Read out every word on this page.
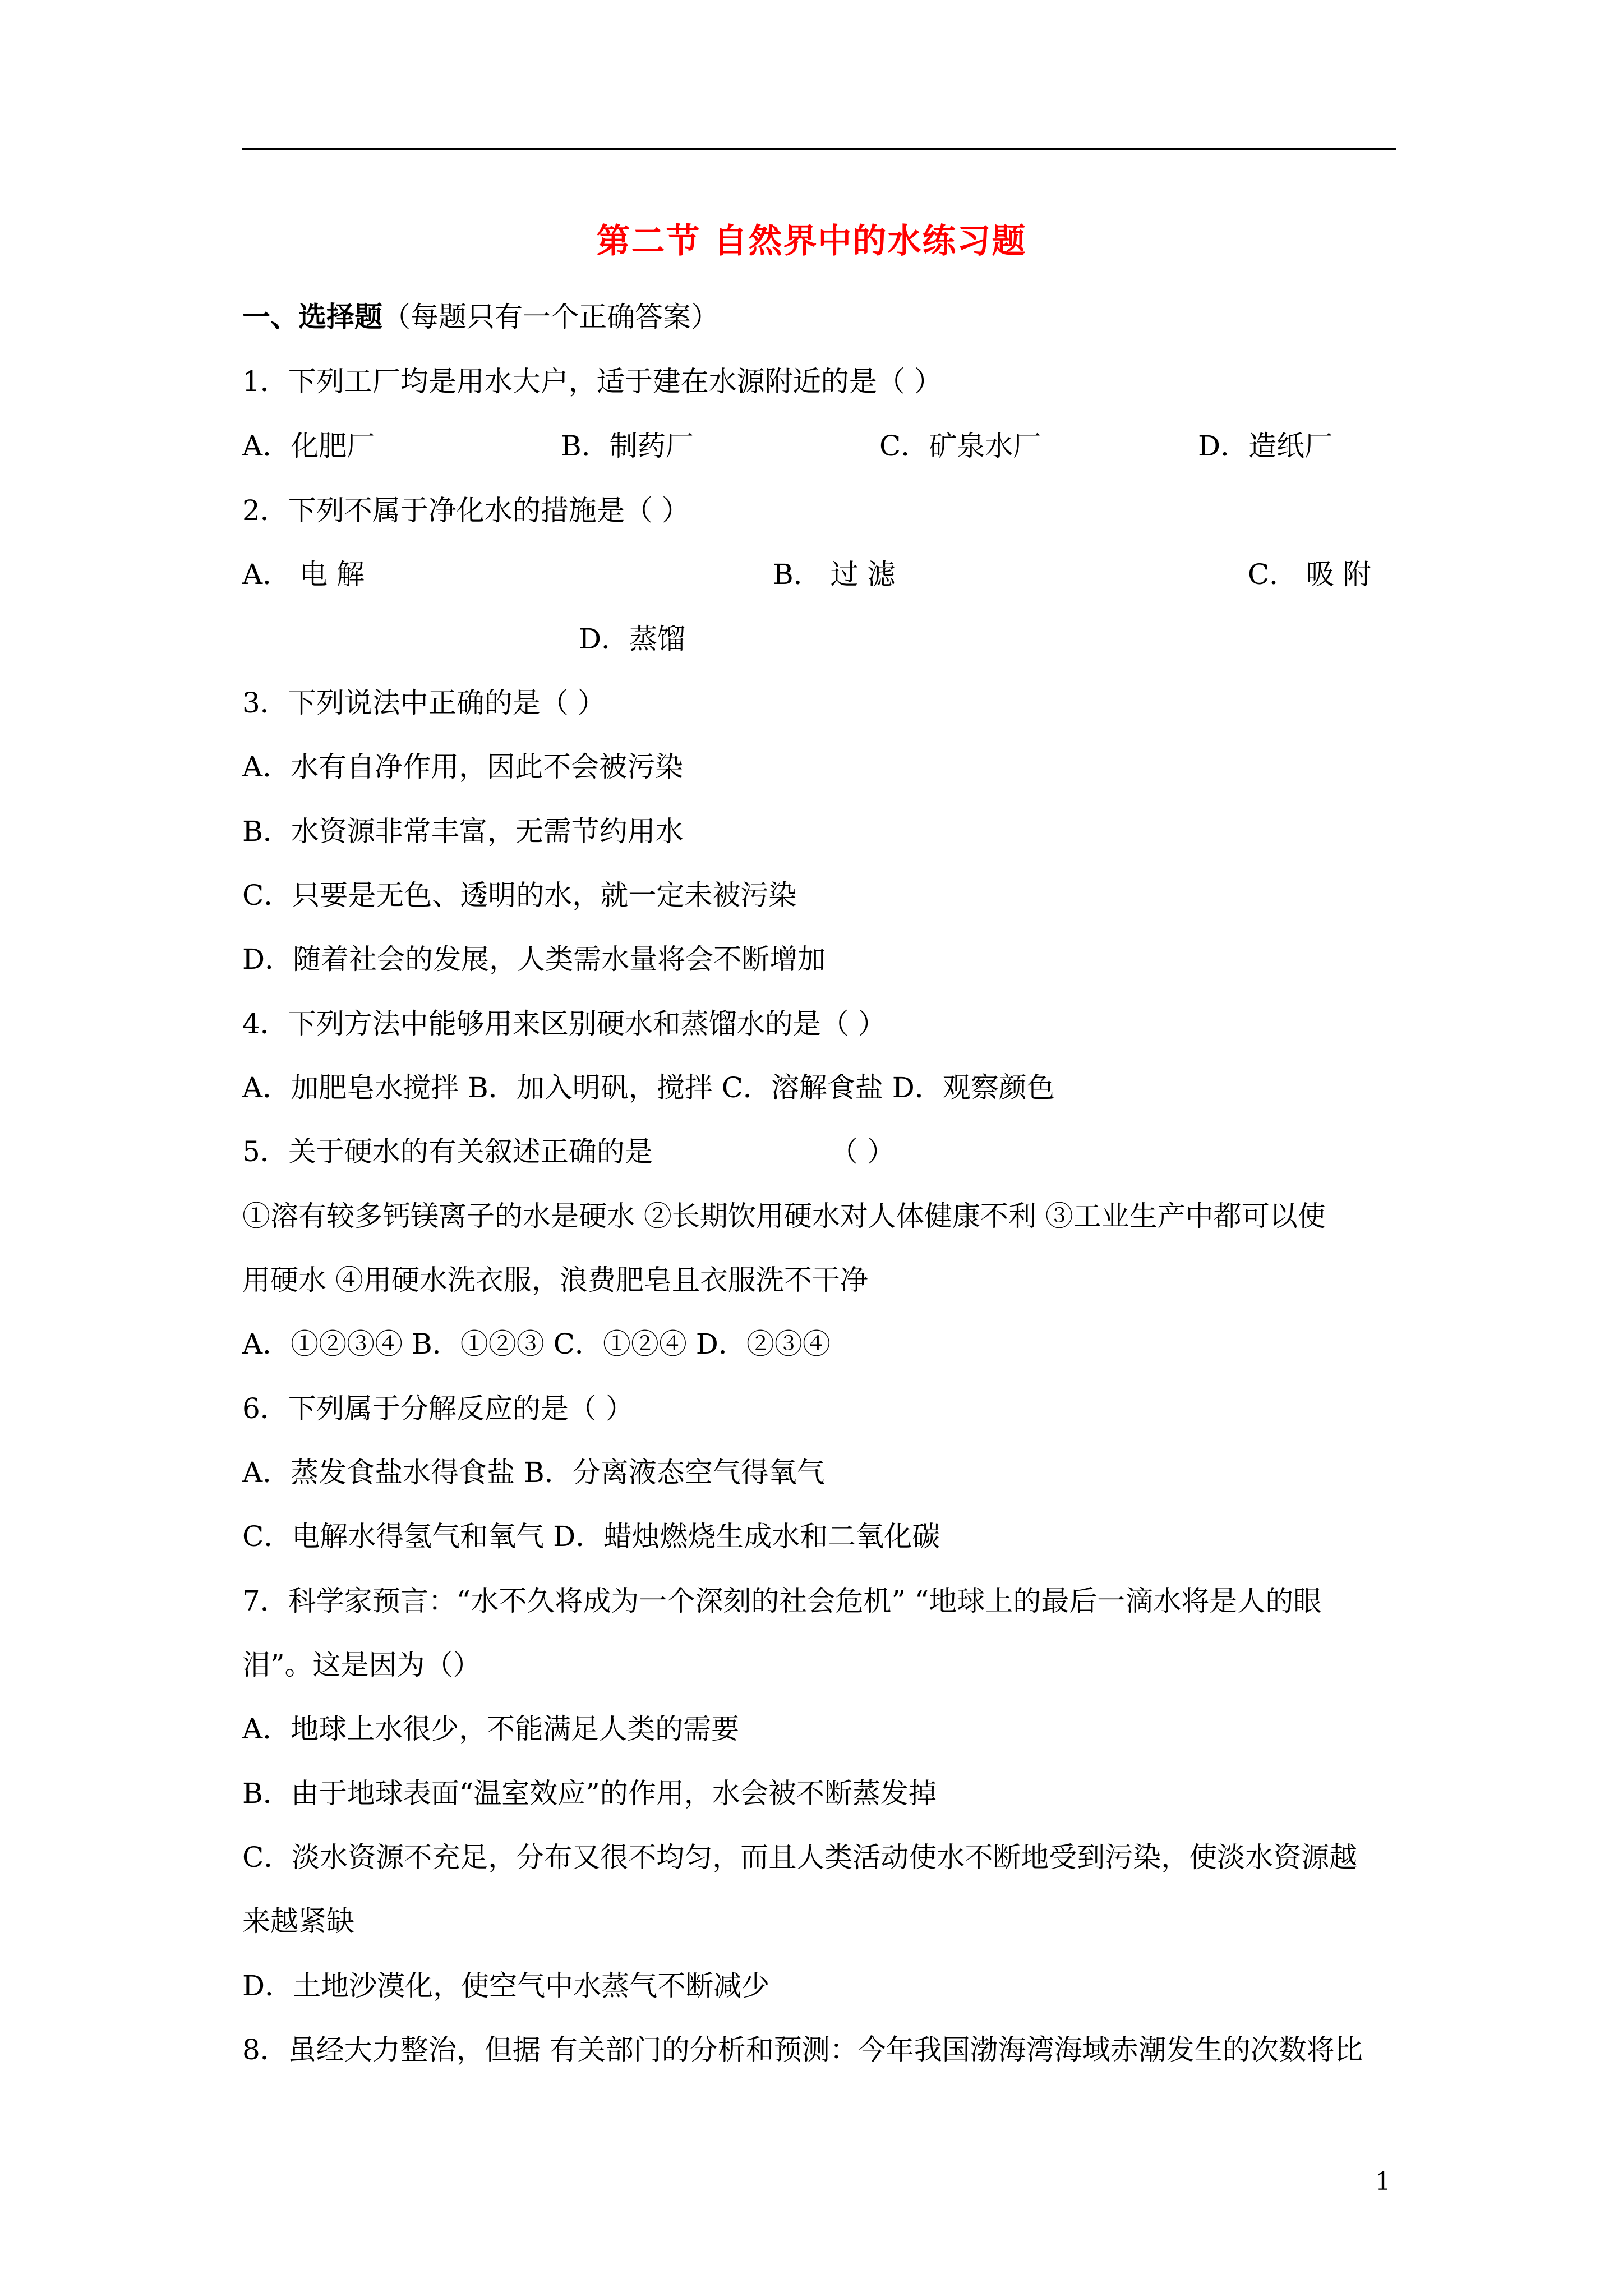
第二节 自然界中的水练习题
一、选择题（每题只有一个正确答案）
1．下列工厂均是用水大户，适于建在水源附近的是（ ）
A．化肥厂	B．制药厂	C．矿泉水厂	D．造纸厂
2．下列不属于净化水的措施是（ ）
A． 电 解	B． 过 滤	C． 吸 附
D．蒸馏
3．下列说法中正确的是（ ）
A．水有自净作用，因此不会被污染
B．水资源非常丰富，无需节约用水
C．只要是无色、透明的水，就一定未被污染
D．随着社会的发展，人类需水量将会不断增加
4．下列方法中能够用来区别硬水和蒸馏水的是（ ）
A．加肥皂水搅拌 B．加入明矾，搅拌 C．溶解食盐 D．观察颜色
5．关于硬水的有关叙述正确的是	（ ）
①溶有较多钙镁离子的水是硬水 ②长期饮用硬水对人体健康不利 ③工业生产中都可以使
用硬水 ④用硬水洗衣服，浪费肥皂且衣服洗不干净
A．①②③④ B．①②③ C．①②④ D．②③④
6．下列属于分解反应的是（ ）
A．蒸发食盐水得食盐 B．分离液态空气得氧气
C．电解水得氢气和氧气 D．蜡烛燃烧生成水和二氧化碳
7．科学家预言：“水不久将成为一个深刻的社会危机” “地球上的最后一滴水将是人的眼
泪”。这是因为（）
A．地球上水很少，不能满足人类的需要
B．由于地球表面“温室效应”的作用，水会被不断蒸发掉
C．淡水资源不充足，分布又很不均匀，而且人类活动使水不断地受到污染，使淡水资源越
来越紧缺
D．土地沙漠化，使空气中水蒸气不断减少
8．虽经大力整治，但据 有关部门的分析和预测：今年我国渤海湾海域赤潮发生的次数将比
1
